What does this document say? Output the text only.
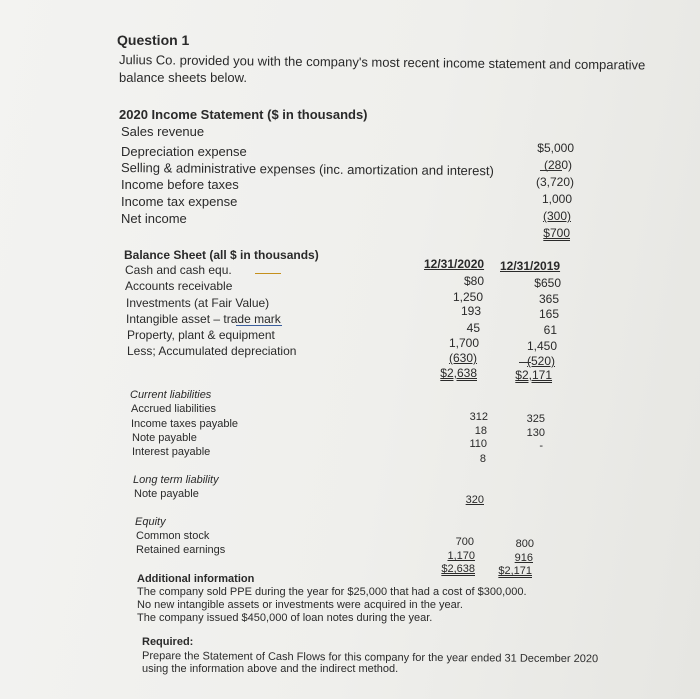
Question 1
Julius Co. provided you with the company's most recent income statement and comparative
balance sheets below.
2020 Income Statement ($ in thousands)
Sales revenue
Depreciation expense
Selling & administrative expenses (inc. amortization and interest)
Income before taxes
Income tax expense
Net income
$5,000
(280)
(3,720)
1,000
(300)
$700
Balance Sheet (all $ in thousands)
12/31/2020 12/31/2019
Cash and cash equ.
Accounts receivable
Investments (at Fair Value)
Intangible asset – trade mark
Property, plant & equipment
Less; Accumulated depreciation
$80
1,250
193
45
1,700
(630)
$2,638
$650
365
165
61
1,450
(520)
$2,171
Current liabilities
Accrued liabilities
Income taxes payable
Note payable
Interest payable
312
18
110
8
325
130
-
Long term liability
Note payable	320
Equity
Common stock
Retained earnings
700
1,170
$2,638
800
916
$2,171
Additional information
The company sold PPE during the year for $25,000 that had a cost of $300,000.
No new intangible assets or investments were acquired in the year.
The company issued $450,000 of loan notes during the year.
Required:
Prepare the Statement of Cash Flows for this company for the year ended 31 December 2020
using the information above and the indirect method.
